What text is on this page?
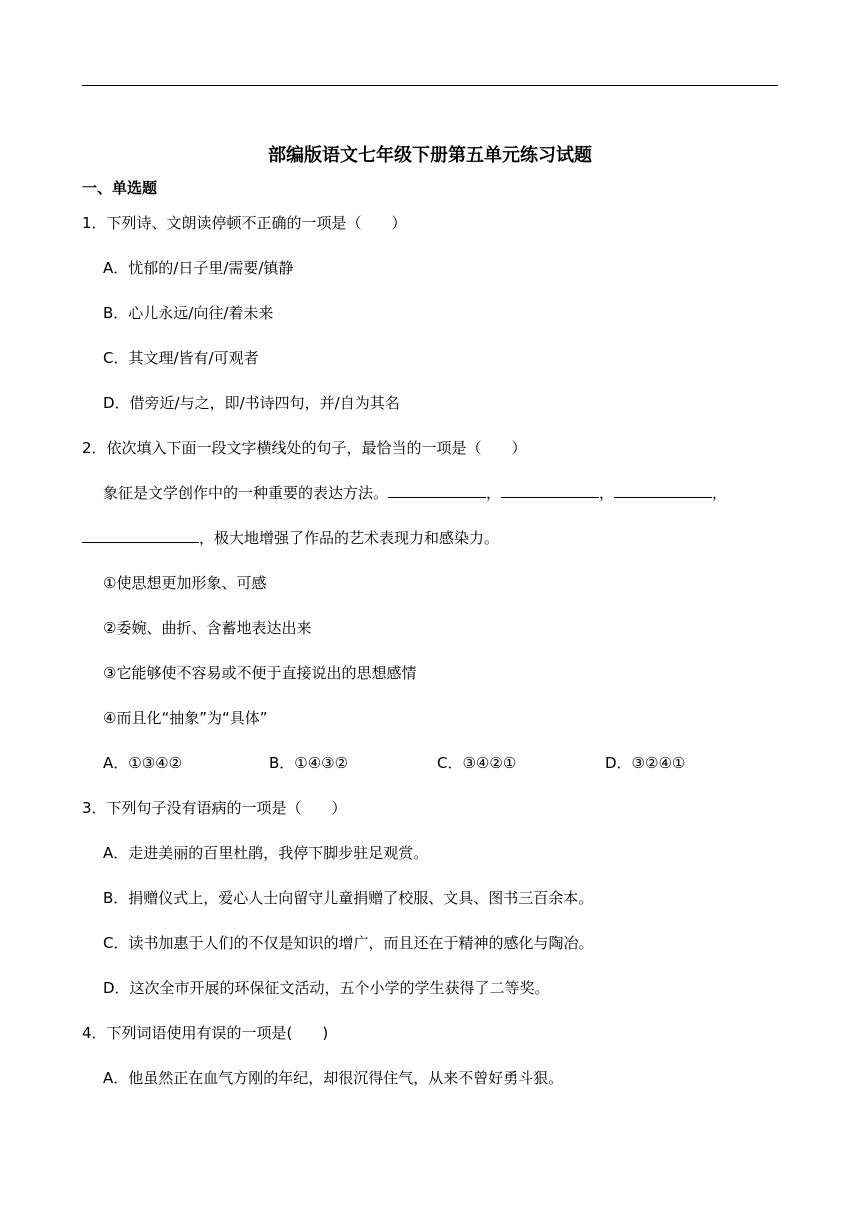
部编版语文七年级下册第五单元练习试题
一、单选题
1．下列诗、文朗读停顿不正确的一项是（　　）
A．忧郁的/日子里/需要/镇静
B．心儿永远/向往/着未来
C．其文理/皆有/可观者
D．借旁近/与之，即/书诗四句，并/自为其名
2．依次填入下面一段文字横线处的句子，最恰当的一项是（　　）
象征是文学创作中的一种重要的表达方法。	，	，	，
，极大地增强了作品的艺术表现力和感染力。
①使思想更加形象、可感
②委婉、曲折、含蓄地表达出来
③它能够使不容易或不便于直接说出的思想感情
④而且化“抽象”为“具体”
A．①③④②	B．①④③②	C．③④②①	D．③②④①
3．下列句子没有语病的一项是（　　）
A．走进美丽的百里杜鹃，我停下脚步驻足观赏。
B．捐赠仪式上，爱心人士向留守儿童捐赠了校服、文具、图书三百余本。
C．读书加惠于人们的不仅是知识的增广，而且还在于精神的感化与陶冶。
D．这次全市开展的环保征文活动，五个小学的学生获得了二等奖。
4．下列词语使用有误的一项是(　　)
A．他虽然正在血气方刚的年纪，却很沉得住气，从来不曾好勇斗狠。
